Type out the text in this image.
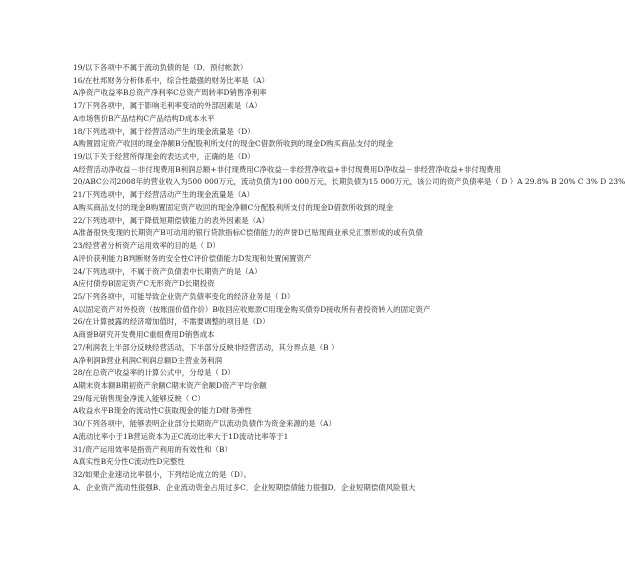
19/以下各项中不属于流动负债的是（D．预付帐款）
16/在杜邦财务分析体系中，综合性最强的财务比率是（A）
A净资产收益率B总资产净利率C总资产周转率D销售净利率
17/下列各项中，属于影响毛利率变动的外部因素是（A）
A市场售价B产品结构C产品结构D成本水平
18/下列选项中，属于经营活动产生的现金流量是（D）
A购置固定资产收回的现金净额B分配股利所支付的现金C借款所收到的现金D购买商品支付的现金
19/以下关于经营所得现金的表达式中，正确的是（D）
A经营活动净收益－非付现费用B利润总额+非付现费用C净收益－非经营净收益+非付现费用D净收益－非经营净收益+非付现费用
20/ABC公司2008年的营业收入为500 000万元，流动负债为100 000万元，长期负债为15 000万元，该公司的资产负债率是（ D ）A 29.8% B 20% C 3% D 23%
21/下列选项中，属于经营活动产生的现金流量是（A）
A购买商品支付的现金B购置固定资产收回的现金净额C分配股利所支付的现金D借款所收到的现金
22/下列选项中，属于降低短期偿债能力的表外因素是（A）
A准备很快变现的长期资产B可动用的银行贷款指标C偿债能力的声誉D已贴现商业承兑汇票形成的或有负债
23/经营者分析资产运用效率的目的是（ D）
A评价获利能力B判断财务的安全性C评价偿债能力D发现和处置闲置资产
24/下列选项中，不属于资产负债表中长期资产的是（A）
A应付债券B固定资产C无形资产D长期投资
25/下列各项中，可能导致企业资产负债率变化的经济业务是（ D）
A以固定资产对外投资（按账面价值作价）B收回应收账款C用现金购买债券D接收所有者投资转入的固定资产
26/在计算披露的经济增加值时，不需要调整的项目是（D）
A商誉B研究开发费用C重组费用D销售成本
27/利润表上半部分反映经营活动，下半部分反映非经营活动，其分界点是（B ）
A净利润B营业利润C利润总额D主营业务利润
28/在总资产收益率的计算公式中，分母是（ D）
A期末资本额B期初资产余额C期末资产余额D资产平均余额
29/每元销售现金净流入能够反映（ C）
A收益水平B现金的流动性C获取现金的能力D财务弹性
30/下列各项中，能够表明企业部分长期资产以流动负债作为资金来源的是（A）
A流动比率小于1B营运资本为正C流动比率大于1D流动比率等于1
31/资产运用效率是指资产利用的有效性和（B）
A真实性B充分性C流动性D完整性
32/如果企业速动比率很小，下列结论成立的是（D）。
A．企业资产流动性很强B．企业流动资金占用过多C．企业短期偿债能力很强D．企业短期偿债风险很大
